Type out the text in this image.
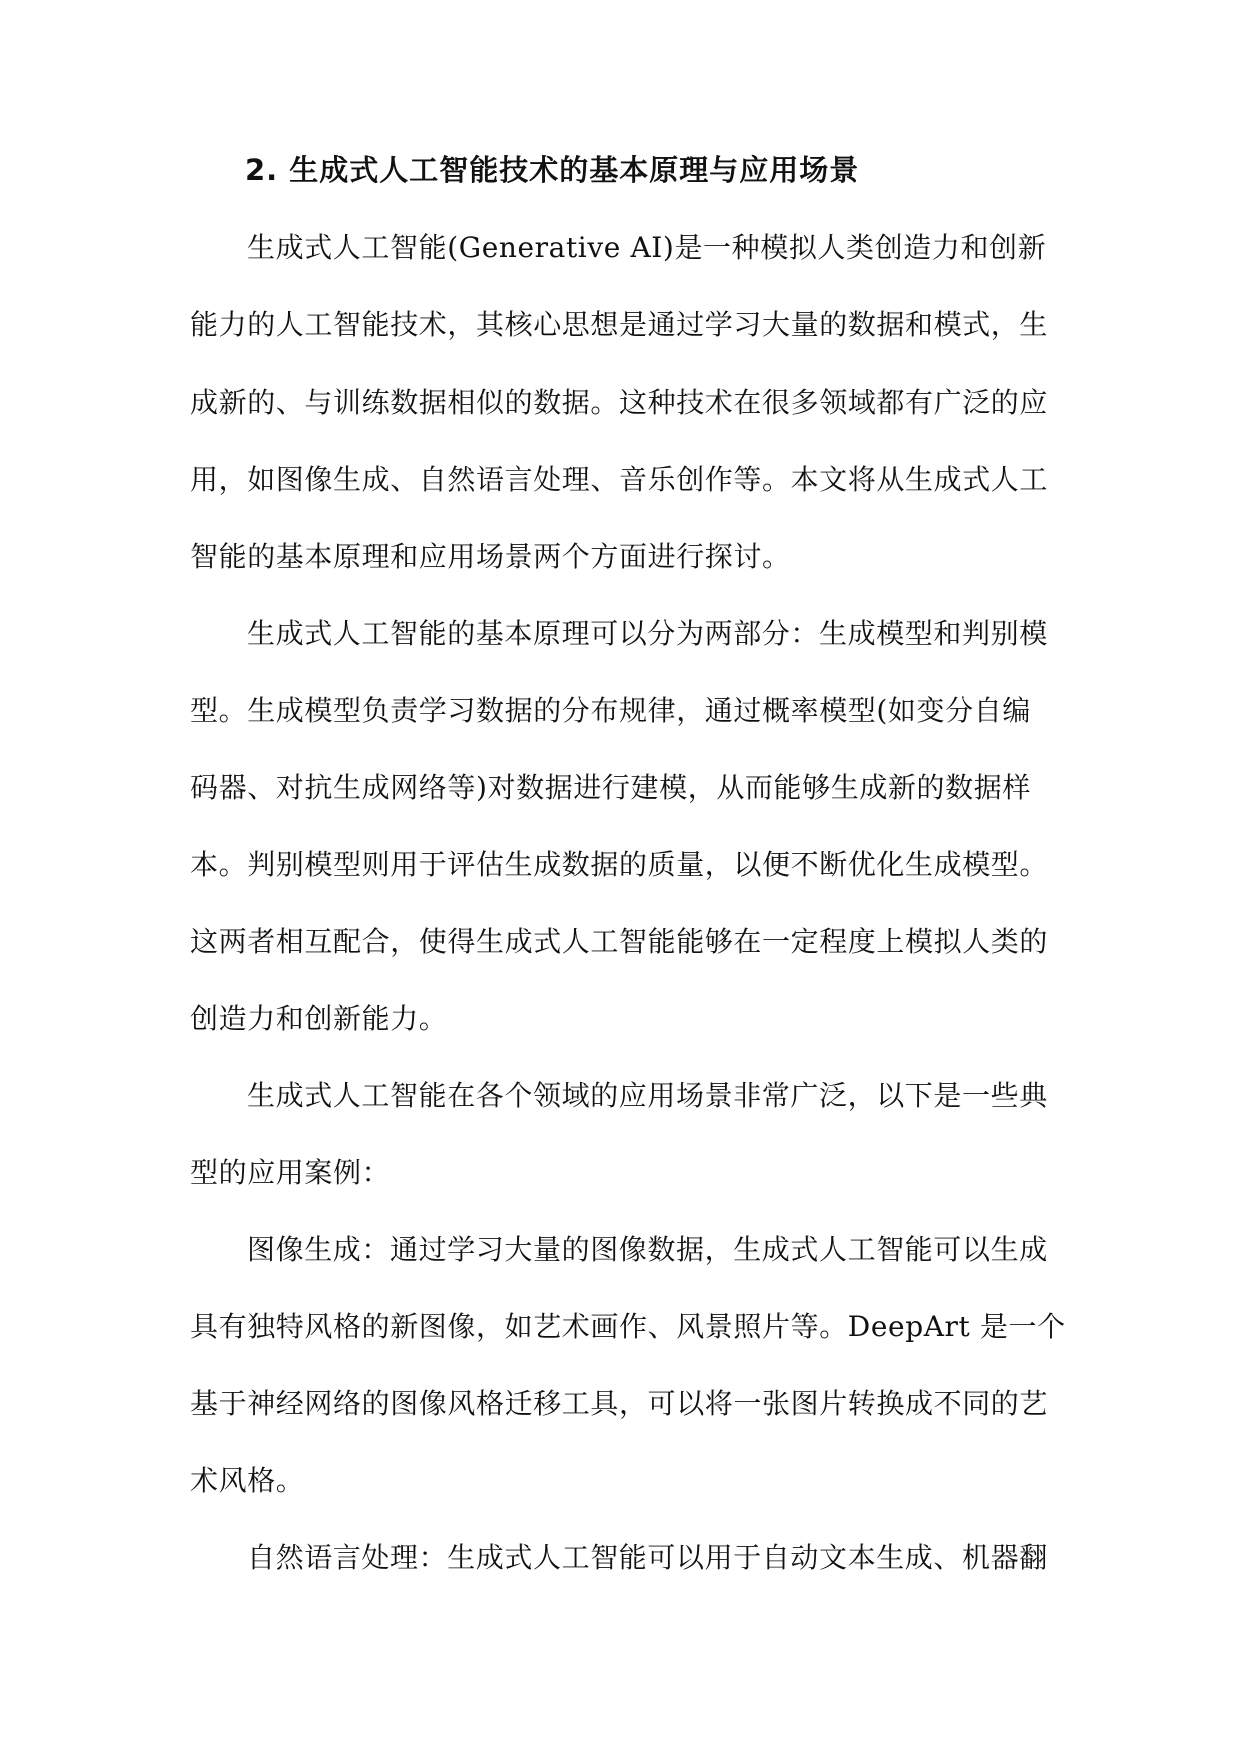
2. 生成式人工智能技术的基本原理与应用场景

生成式人工智能(Generative AI)是一种模拟人类创造力和创新

能力的人工智能技术，其核心思想是通过学习大量的数据和模式，生

成新的、与训练数据相似的数据。这种技术在很多领域都有广泛的应

用，如图像生成、自然语言处理、音乐创作等。本文将从生成式人工

智能的基本原理和应用场景两个方面进行探讨。

生成式人工智能的基本原理可以分为两部分：生成模型和判别模

型。生成模型负责学习数据的分布规律，通过概率模型(如变分自编

码器、对抗生成网络等)对数据进行建模，从而能够生成新的数据样

本。判别模型则用于评估生成数据的质量，以便不断优化生成模型。

这两者相互配合，使得生成式人工智能能够在一定程度上模拟人类的

创造力和创新能力。

生成式人工智能在各个领域的应用场景非常广泛，以下是一些典

型的应用案例：

图像生成：通过学习大量的图像数据，生成式人工智能可以生成

具有独特风格的新图像，如艺术画作、风景照片等。DeepArt 是一个

基于神经网络的图像风格迁移工具，可以将一张图片转换成不同的艺

术风格。

自然语言处理：生成式人工智能可以用于自动文本生成、机器翻
